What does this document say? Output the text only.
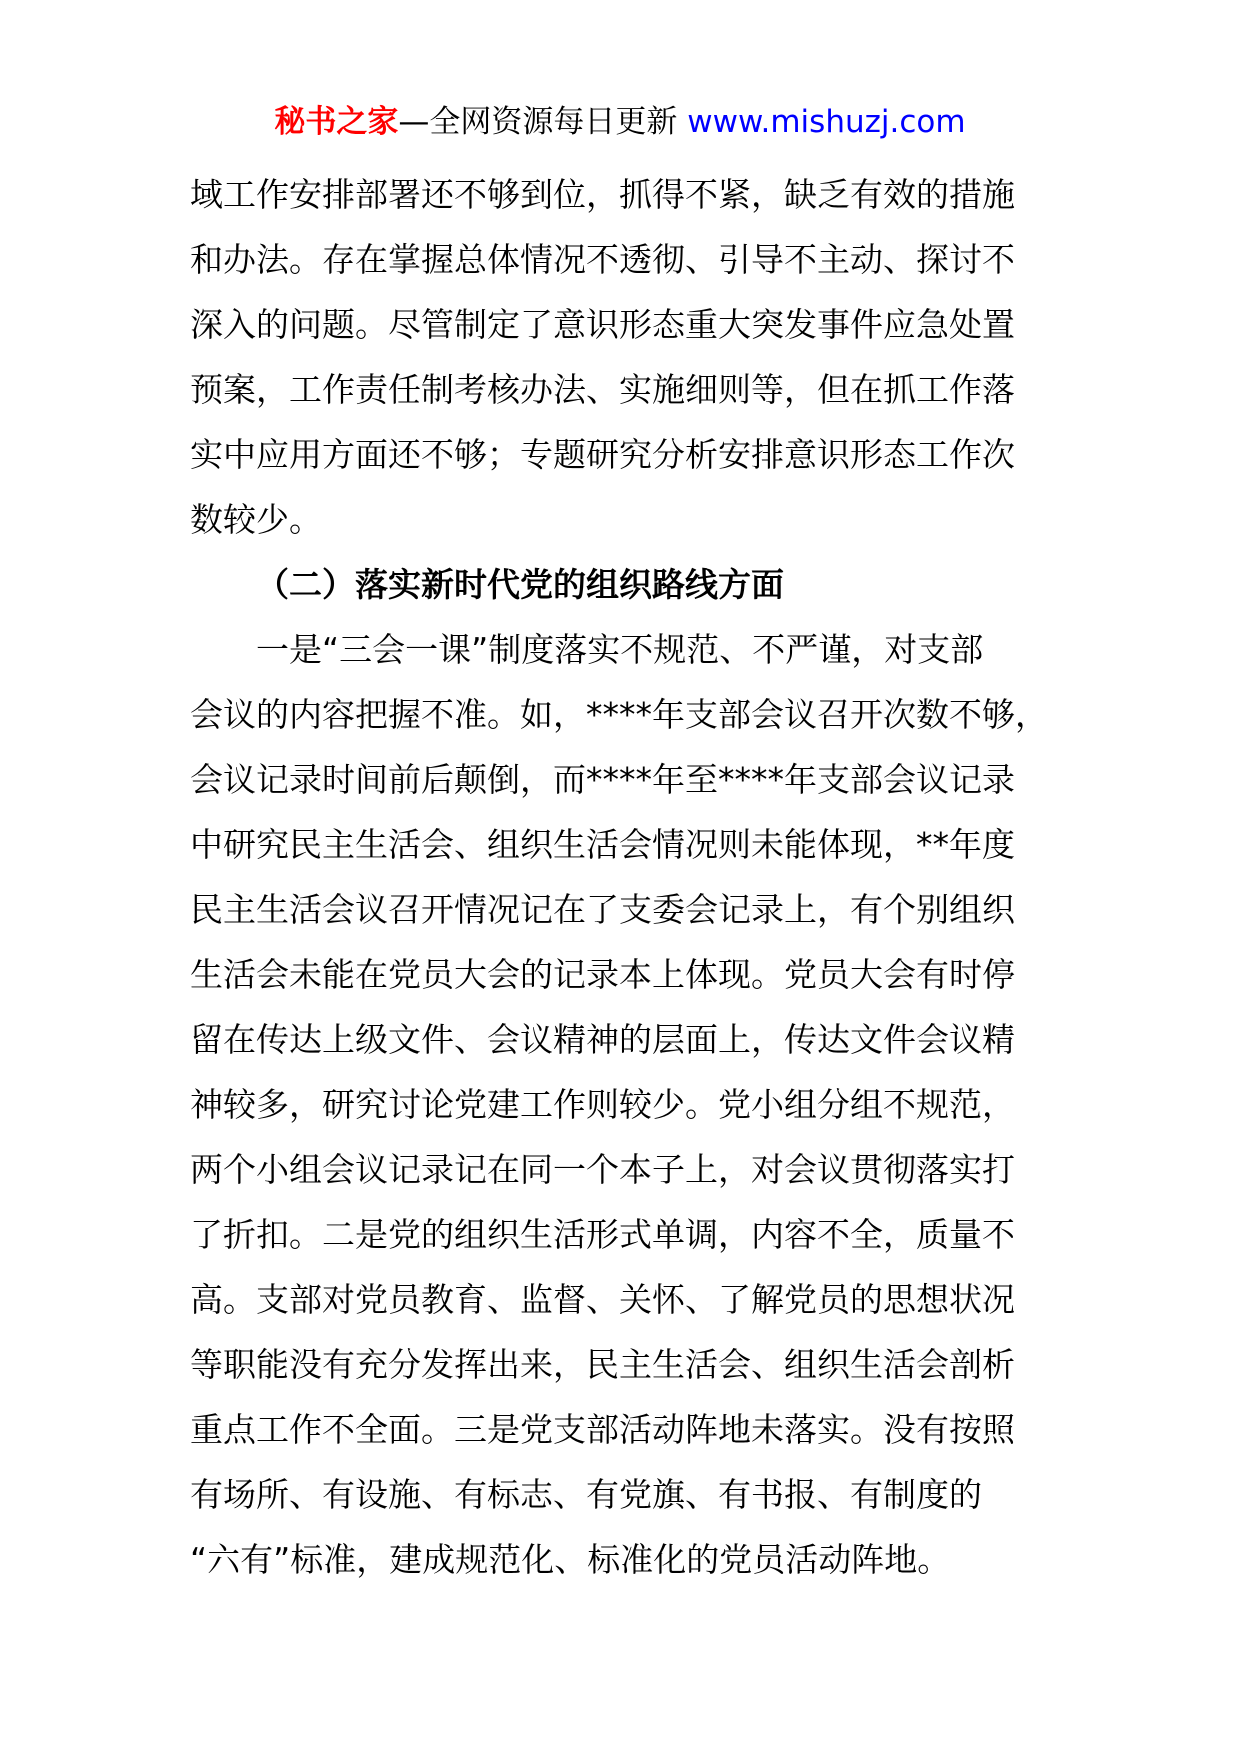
秘书之家—全网资源每日更新 www.mishuzj.com
域工作安排部署还不够到位，抓得不紧，缺乏有效的措施
和办法。存在掌握总体情况不透彻、引导不主动、探讨不
深入的问题。尽管制定了意识形态重大突发事件应急处置
预案，工作责任制考核办法、实施细则等，但在抓工作落
实中应用方面还不够；专题研究分析安排意识形态工作次
数较少。
（二）落实新时代党的组织路线方面
一是“三会一课”制度落实不规范、不严谨，对支部
会议的内容把握不准。如，****年支部会议召开次数不够，
会议记录时间前后颠倒，而****年至****年支部会议记录
中研究民主生活会、组织生活会情况则未能体现，**年度
民主生活会议召开情况记在了支委会记录上，有个别组织
生活会未能在党员大会的记录本上体现。党员大会有时停
留在传达上级文件、会议精神的层面上，传达文件会议精
神较多，研究讨论党建工作则较少。党小组分组不规范，
两个小组会议记录记在同一个本子上，对会议贯彻落实打
了折扣。二是党的组织生活形式单调，内容不全，质量不
高。支部对党员教育、监督、关怀、了解党员的思想状况
等职能没有充分发挥出来，民主生活会、组织生活会剖析
重点工作不全面。三是党支部活动阵地未落实。没有按照
有场所、有设施、有标志、有党旗、有书报、有制度的
“六有”标准，建成规范化、标准化的党员活动阵地。
